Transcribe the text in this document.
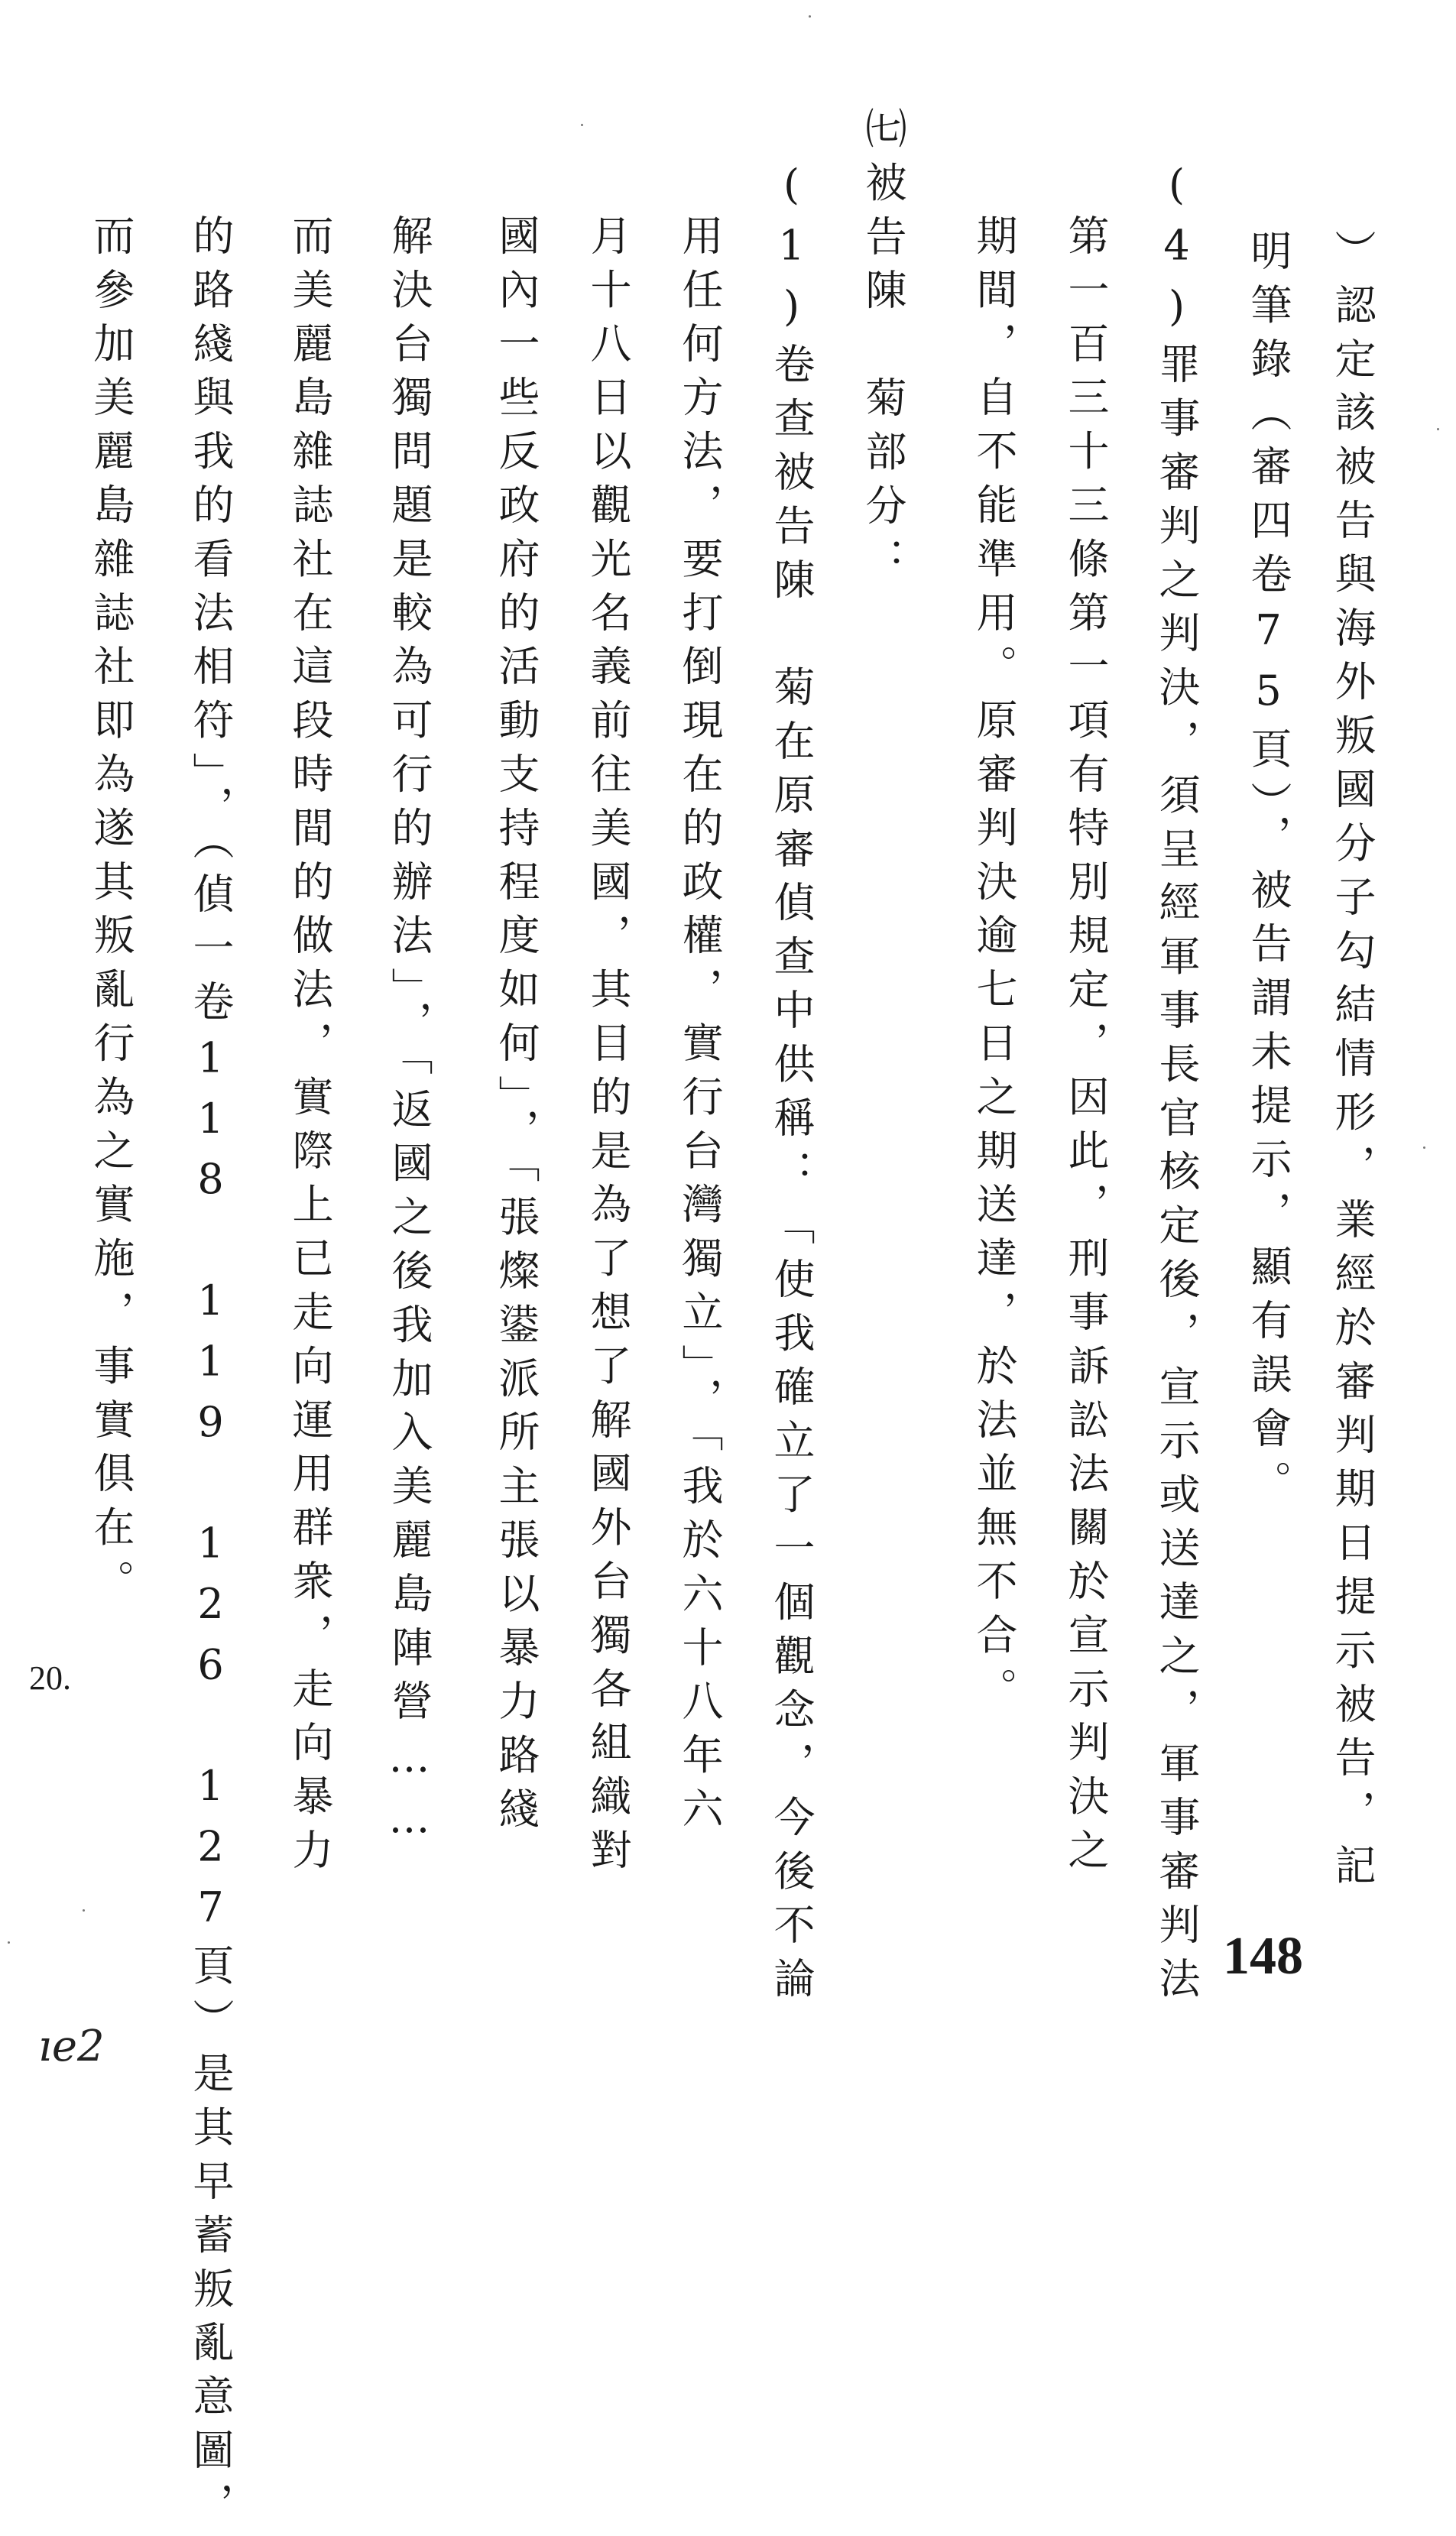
）認定該被告與海外叛國分子勾結情形，業經於審判期日提示被告，記
明筆錄（審四卷75頁），被告謂未提示，顯有誤會。
(4)罪事審判之判決，須呈經軍事長官核定後，宣示或送達之，軍事審判法
第一百三十三條第一項有特別規定，因此，刑事訴訟法關於宣示判決之
期間，自不能準用。原審判決逾七日之期送達，於法並無不合。
㈦被告陳　菊部分：
(1)卷查被告陳　菊在原審偵查中供稱：「使我確立了一個觀念，今後不論
用任何方法，要打倒現在的政權，實行台灣獨立」，「我於六十八年六
月十八日以觀光名義前往美國，其目的是為了想了解國外台獨各組織對
國內一些反政府的活動支持程度如何」，「張燦鍙派所主張以暴力路綫
解決台獨問題是較為可行的辦法」，「返國之後我加入美麗島陣營……
而美麗島雜誌社在這段時間的做法，實際上已走向運用群衆，走向暴力
的路綫與我的看法相符」，（偵一卷118 119 126 127頁）是其早蓄叛亂意圖，
而參加美麗島雜誌社即為遂其叛亂行為之實施，事實俱在。
20.
148
ıe2
